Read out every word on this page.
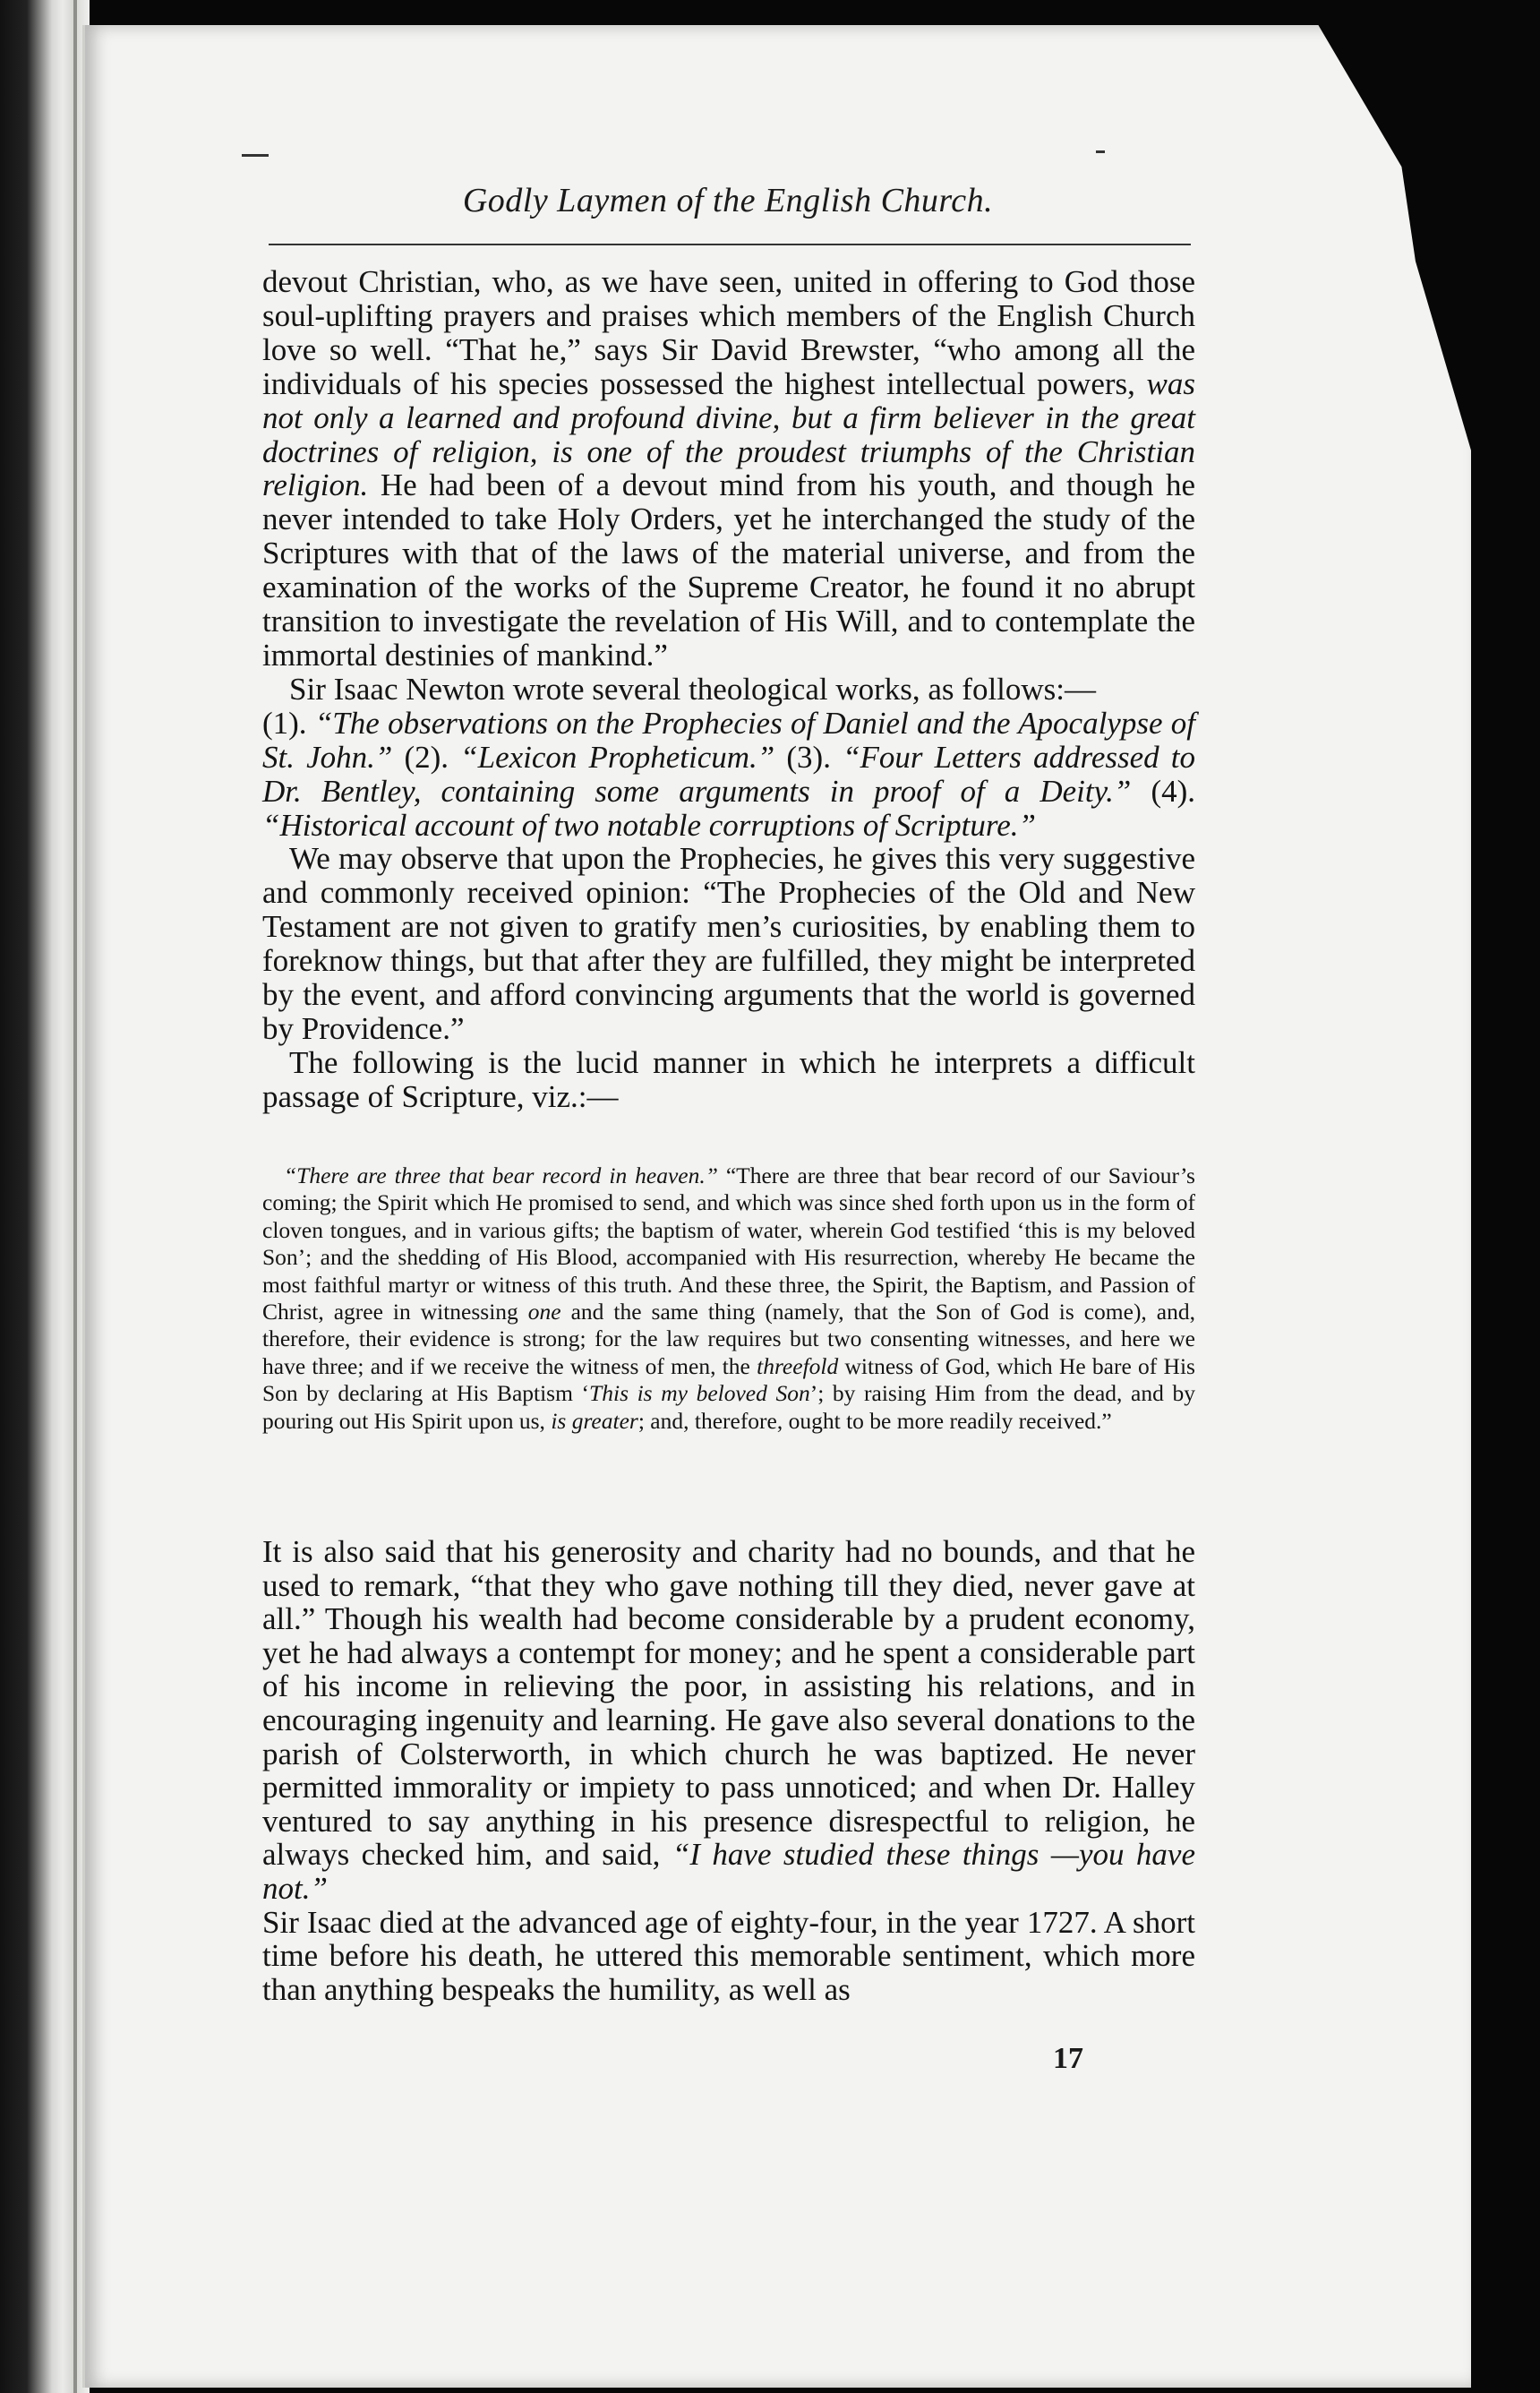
Godly Laymen of the English Church.

devout Christian, who, as we have seen, united in offering to God those soul-uplifting prayers and praises which members of the English Church love so well. “That he,” says Sir David Brewster, “who among all the individuals of his species possessed the highest intellectual powers, was not only a learned and profound divine, but a firm believer in the great doctrines of religion, is one of the proudest triumphs of the Christian religion. He had been of a devout mind from his youth, and though he never intended to take Holy Orders, yet he interchanged the study of the Scriptures with that of the laws of the material universe, and from the examination of the works of the Supreme Creator, he found it no abrupt transition to investigate the revelation of His Will, and to contemplate the immortal destinies of mankind.”

Sir Isaac Newton wrote several theological works, as follows:—
(1). “The observations on the Prophecies of Daniel and the Apocalypse of St. John.” (2). “Lexicon Propheticum.” (3). “Four Letters addressed to Dr. Bentley, containing some arguments in proof of a Deity.” (4). “Historical account of two notable corruptions of Scripture.”

We may observe that upon the Prophecies, he gives this very suggestive and commonly received opinion: “The Prophecies of the Old and New Testament are not given to gratify men’s curiosities, by enabling them to foreknow things, but that after they are fulfilled, they might be interpreted by the event, and afford convincing arguments that the world is governed by Providence.”

The following is the lucid manner in which he interprets a difficult passage of Scripture, viz.:—

“There are three that bear record in heaven.” “There are three that bear record of our Saviour’s coming; the Spirit which He promised to send, and which was since shed forth upon us in the form of cloven tongues, and in various gifts; the baptism of water, wherein God testified ‘this is my beloved Son’; and the shedding of His Blood, accompanied with His resurrection, whereby He became the most faithful martyr or witness of this truth. And these three, the Spirit, the Baptism, and Passion of Christ, agree in witnessing one and the same thing (namely, that the Son of God is come), and, therefore, their evidence is strong; for the law requires but two consenting witnesses, and here we have three; and if we receive the witness of men, the threefold witness of God, which He bare of His Son by declaring at His Baptism ‘This is my beloved Son’; by raising Him from the dead, and by pouring out His Spirit upon us, is greater; and, therefore, ought to be more readily received.”

It is also said that his generosity and charity had no bounds, and that he used to remark, “that they who gave nothing till they died, never gave at all.” Though his wealth had become considerable by a prudent economy, yet he had always a contempt for money; and he spent a considerable part of his income in relieving the poor, in assisting his relations, and in encouraging ingenuity and learning. He gave also several donations to the parish of Colsterworth, in which church he was baptized. He never permitted immorality or impiety to pass unnoticed; and when Dr. Halley ventured to say anything in his presence disrespectful to religion, he always checked him, and said, “I have studied these things —you have not.”

Sir Isaac died at the advanced age of eighty-four, in the year 1727. A short time before his death, he uttered this memorable sentiment, which more than anything bespeaks the humility, as well as

17
